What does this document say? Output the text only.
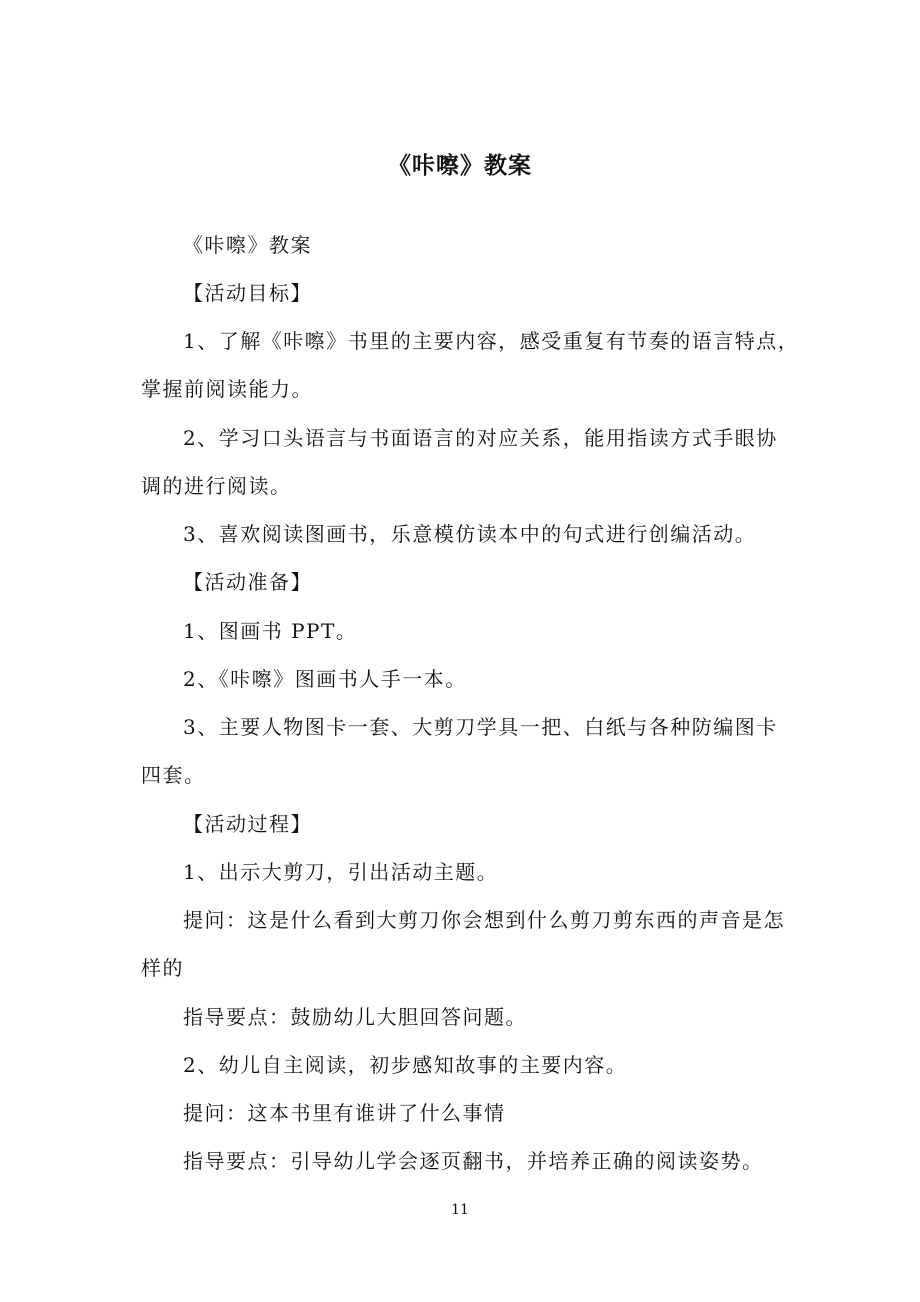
《咔嚓》教案
《咔嚓》教案
【活动目标】
1、了解《咔嚓》书里的主要内容，感受重复有节奏的语言特点，
掌握前阅读能力。
2、学习口头语言与书面语言的对应关系，能用指读方式手眼协
调的进行阅读。
3、喜欢阅读图画书，乐意模仿读本中的句式进行创编活动。
【活动准备】
1、图画书 PPT。
2、《咔嚓》图画书人手一本。
3、主要人物图卡一套、大剪刀学具一把、白纸与各种防编图卡
四套。
【活动过程】
1、出示大剪刀，引出活动主题。
提问：这是什么看到大剪刀你会想到什么剪刀剪东西的声音是怎
样的
指导要点：鼓励幼儿大胆回答问题。
2、幼儿自主阅读，初步感知故事的主要内容。
提问：这本书里有谁讲了什么事情
指导要点：引导幼儿学会逐页翻书，并培养正确的阅读姿势。
11
